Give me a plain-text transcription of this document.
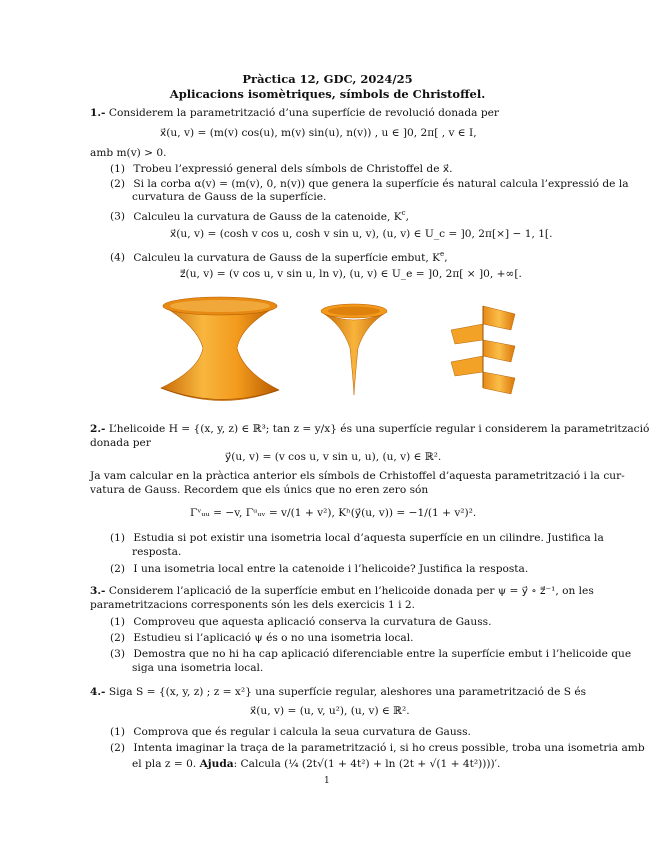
Pràctica 12, GDC, 2024/25
Aplicacions isomètriques, símbols de Christoffel.
1.- Considerem la parametrització d’una superfície de revolució donada per
x⃗(u, v) = (m(v) cos(u), m(v) sin(u), n(v)) , u ∈ ]0, 2π[ , v ∈ I,
amb m(v) > 0.
(1) Trobeu l’expressió general dels símbols de Christoffel de x⃗.
(2) Si la corba α(v) = (m(v), 0, n(v)) que genera la superfície és natural calcula l’expressió de la
curvatura de Gauss de la superfície.
(3) Calculeu la curvatura de Gauss de la catenoide, $K^c$,
x⃗(u, v) = (cosh v cos u, cosh v sin u, v), (u, v) ∈ U_c = ]0, 2π[×] − 1, 1[.
(4) Calculeu la curvatura de Gauss de la superfície embut, $K^e$,
z⃗(u, v) = (v cos u, v sin u, ln v), (u, v) ∈ U_e = ]0, 2π[ × ]0, +∞[.
2.- L’helicoide H = {(x, y, z) ∈ ℝ³; tan z = y/x} és una superfície regular i considerem la parametrització
donada per
y⃗(u, v) = (v cos u, v sin u, u), (u, v) ∈ ℝ².
Ja vam calcular en la pràctica anterior els símbols de Crhistoffel d’aquesta parametrització i la cur-
vatura de Gauss. Recordem que els únics que no eren zero són
Γᵛᵤᵤ = −v, Γᵘᵤᵥ = v/(1 + v²), Kʰ(y⃗(u, v)) = −1/(1 + v²)².
(1) Estudia si pot existir una isometria local d’aquesta superfície en un cilindre. Justifica la
resposta.
(2) I una isometria local entre la catenoide i l’helicoide? Justifica la resposta.
3.- Considerem l’aplicació de la superfície embut en l’helicoide donada per ψ = y⃗ ∘ z⃗⁻¹, on les
parametritzacions corresponents són les dels exercicis 1 i 2.
(1) Comproveu que aquesta aplicació conserva la curvatura de Gauss.
(2) Estudieu si l’aplicació ψ és o no una isometria local.
(3) Demostra que no hi ha cap aplicació diferenciable entre la superfície embut i l’helicoide que
siga una isometria local.
4.- Siga S = {(x, y, z) ; z = x²} una superfície regular, aleshores una parametrització de S és
x⃗(u, v) = (u, v, u²), (u, v) ∈ ℝ².
(1) Comprova que és regular i calcula la seua curvatura de Gauss.
(2) Intenta imaginar la traça de la parametrització i, si ho creus possible, troba una isometria amb
el pla z = 0. Ajuda: Calcula (¼ (2t√(1 + 4t²) + ln (2t + √(1 + 4t²))))′.
1
